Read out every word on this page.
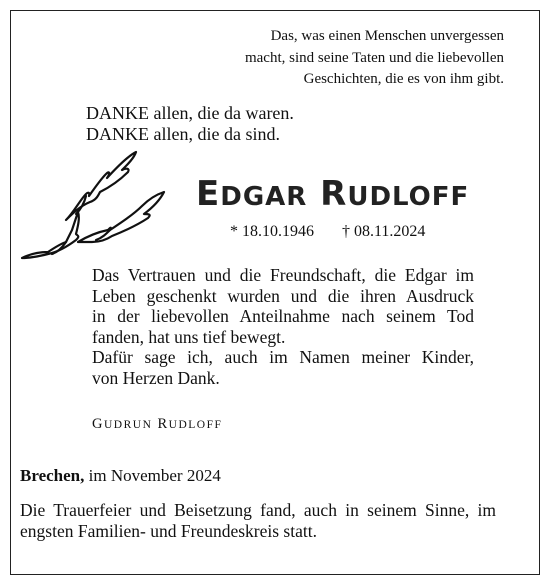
Das, was einen Menschen unvergessen
macht, sind seine Taten und die liebevollen
Geschichten, die es von ihm gibt.
DANKE allen, die da waren.
DANKE allen, die da sind.
EDGAR RUDLOFF
* 18.10.1946 † 08.11.2024
Das Vertrauen und die Freundschaft, die Edgar im
Leben geschenkt wurden und die ihren Ausdruck
in der liebevollen Anteilnahme nach seinem Tod
fanden, hat uns tief bewegt.
Dafür sage ich, auch im Namen meiner Kinder,
von Herzen Dank.
GUDRUN RUDLOFF
Brechen, im November 2024
Die Trauerfeier und Beisetzung fand, auch in seinem Sinne, im
engsten Familien- und Freundeskreis statt.
